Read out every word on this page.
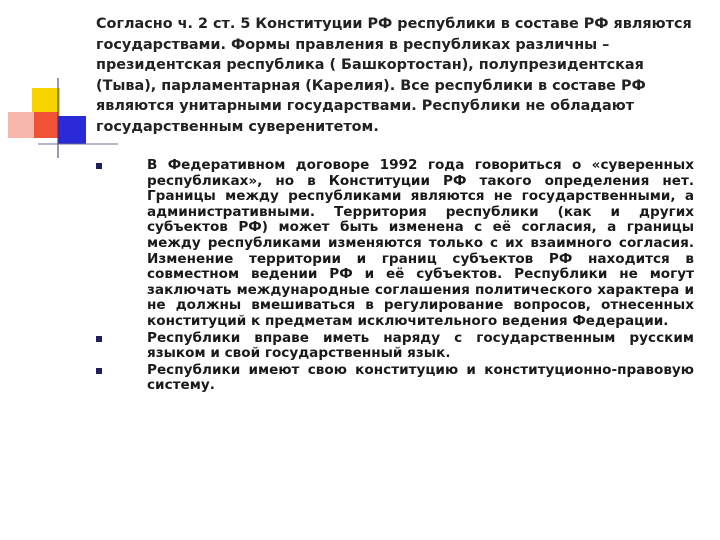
Согласно ч. 2 ст. 5 Конституции РФ республики в составе РФ являются государствами. Формы правления в республиках различны – президентская республика ( Башкортостан), полупрезидентская (Тыва), парламентарная (Карелия). Все республики в составе РФ являются унитарными государствами. Республики не обладают государственным суверенитетом.

В Федеративном договоре 1992 года говориться о «суверенных республиках», но в Конституции РФ такого определения нет. Границы между республиками являются не государственными, а административными. Территория республики (как и других субъектов РФ) может быть изменена с её согласия, а границы между республиками изменяются только с их взаимного согласия. Изменение территории и границ субъектов РФ находится в совместном ведении РФ и её субъектов. Республики не могут заключать международные соглашения политического характера и не должны вмешиваться в регулирование вопросов, отнесенных конституций к предметам исключительного ведения Федерации.
Республики вправе иметь наряду с государственным русским языком и свой государственный язык.
Республики имеют свою конституцию и конституционно-правовую систему.
